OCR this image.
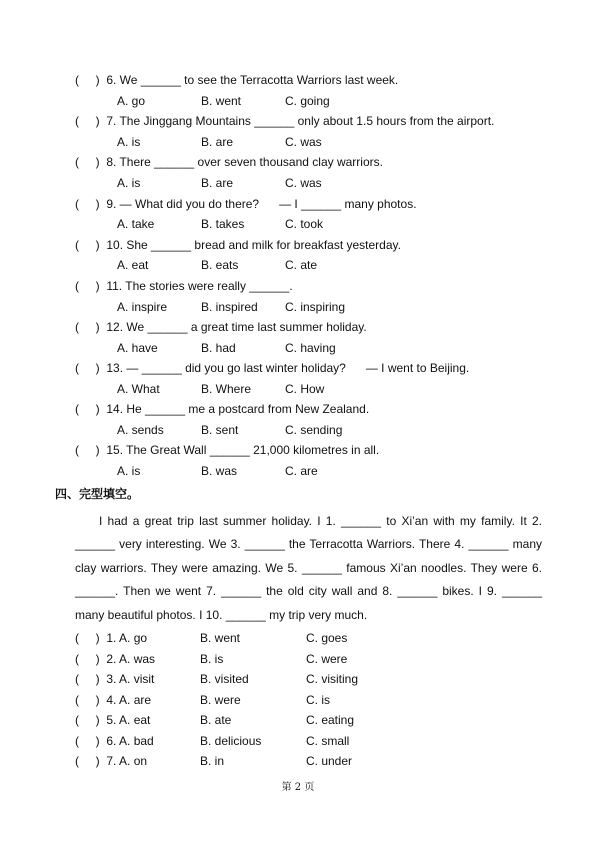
( ) 6. We ______ to see the Terracotta Warriors last week.
A. go	B. went	C. going
( ) 7. The Jinggang Mountains ______ only about 1.5 hours from the airport.
A. is	B. are	C. was
( ) 8. There ______ over seven thousand clay warriors.
A. is	B. are	C. was
( ) 9. — What did you do there?      — I ______ many photos.
A. take	B. takes	C. took
( ) 10. She ______ bread and milk for breakfast yesterday.
A. eat	B. eats	C. ate
( ) 11. The stories were really ______.
A. inspire	B. inspired C. inspiring
( ) 12. We ______ a great time last summer holiday.
A. have	B. had	C. having
( ) 13. — ______ did you go last winter holiday?      — I went to Beijing.
A. What	B. Where	C. How
( ) 14. He ______ me a postcard from New Zealand.
A. sends	B. sent	C. sending
( ) 15. The Great Wall ______ 21,000 kilometres in all.
A. is	B. was	C. are
四、完型填空。
I had a great trip last summer holiday. I 1. ______ to Xi’an with my family. It 2.
______ very interesting. We 3. ______ the Terracotta Warriors. There 4. ______ many
clay warriors. They were amazing. We 5. ______ famous Xi’an noodles. They were 6.
______. Then we went 7. ______ the old city wall and 8. ______ bikes. I 9. ______
many beautiful photos. I 10. ______ my trip very much.
( ) 1. A. go	B. went	C. goes
( ) 2. A. was	B. is	C. were
( ) 3. A. visit	B. visited	C. visiting
( ) 4. A. are	B. were	C. is
( ) 5. A. eat	B. ate	C. eating
( ) 6. A. bad	B. delicious	C. small
( ) 7. A. on	B. in	C. under
第 2 页
